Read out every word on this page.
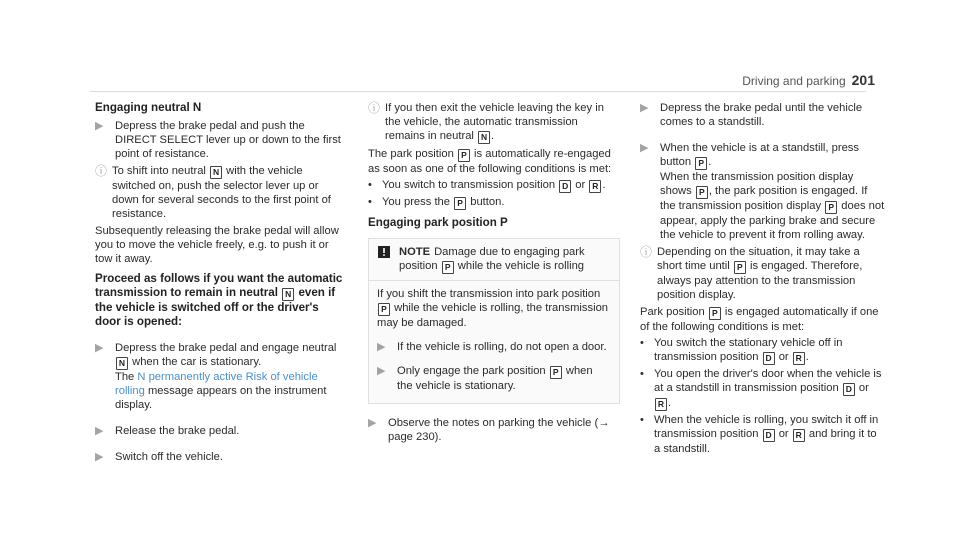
Driving and parking 201

Engaging neutral N

▶ Depress the brake pedal and push the DIRECT SELECT lever up or down to the first point of resistance.
ⓘ To shift into neutral N with the vehicle switched on, push the selector lever up or down for several seconds to the first point of resistance.

Subsequently releasing the brake pedal will allow you to move the vehicle freely, e.g. to push it or tow it away.

Proceed as follows if you want the automatic transmission to remain in neutral N even if the vehicle is switched off or the driver's door is opened:

▶ Depress the brake pedal and engage neutral N when the car is stationary.
The N permanently active Risk of vehicle rolling message appears on the instrument display.
▶ Release the brake pedal.
▶ Switch off the vehicle.
ⓘ If you then exit the vehicle leaving the key in the vehicle, the automatic transmission remains in neutral N .

The park position P is automatically re-engaged as soon as one of the following conditions is met:

• You switch to transmission position D or R .
• You press the P button.

Engaging park position P

NOTE Damage due to engaging park position P while the vehicle is rolling

If you shift the transmission into park position P while the vehicle is rolling, the transmission may be damaged.

▶ If the vehicle is rolling, do not open a door.
▶ Only engage the park position P when the vehicle is stationary.
▶ Observe the notes on parking the vehicle (→ page 230).
▶ Depress the brake pedal until the vehicle comes to a standstill.
▶ When the vehicle is at a standstill, press button P .
When the transmission position display shows P , the park position is engaged. If the transmission position display P does not appear, apply the parking brake and secure the vehicle to prevent it from rolling away.
ⓘ Depending on the situation, it may take a short time until P is engaged. Therefore, always pay attention to the transmission position display.

Park position P is engaged automatically if one of the following conditions is met:

• You switch the stationary vehicle off in transmission position D or R .
• You open the driver's door when the vehicle is at a standstill in transmission position D or R .
• When the vehicle is rolling, you switch it off in transmission position D or R and bring it to a standstill.
